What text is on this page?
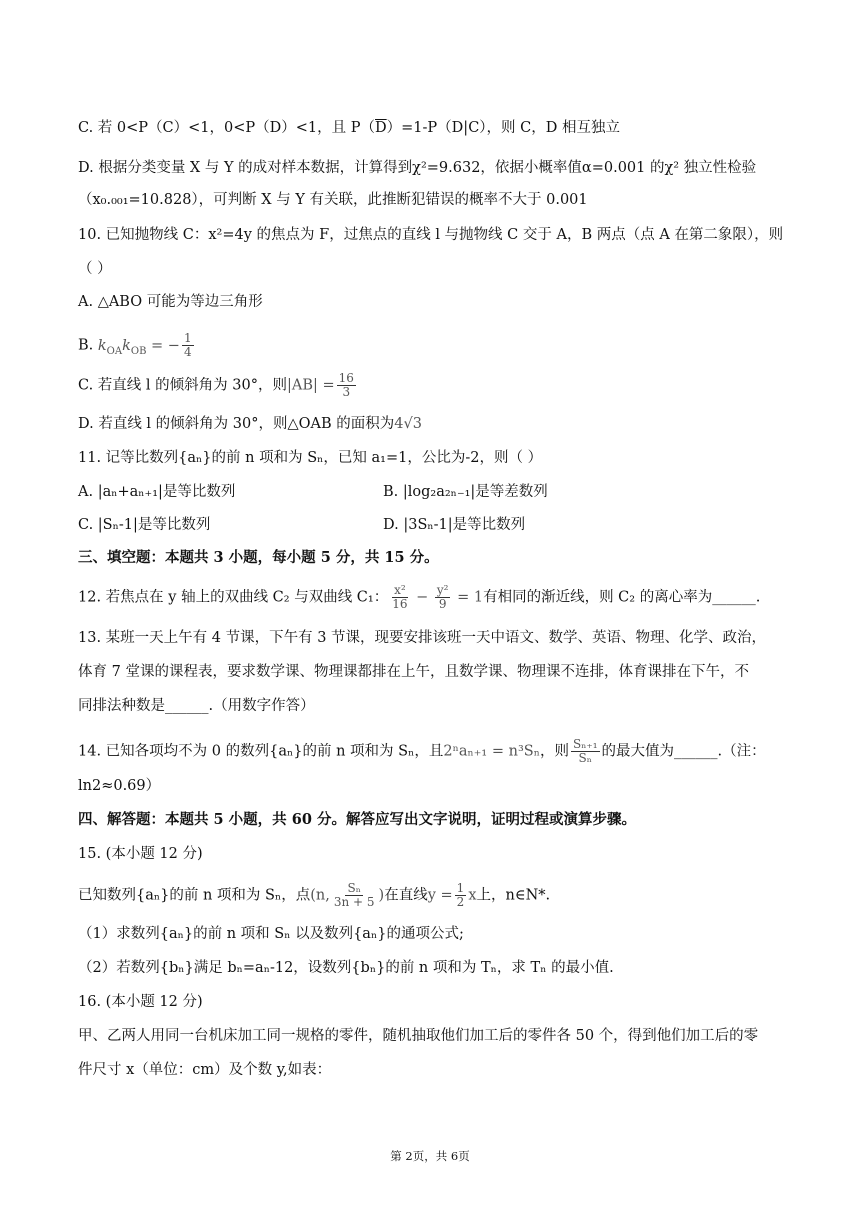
C. 若 0<P（C）<1，0<P（D）<1，且 $P(\overline{D})=1-P(D|C)$，则 C，D 相互独立
D. 根据分类变量 X 与 Y 的成对样本数据，计算得到χ²=9.632，依据小概率值α=0.001 的χ² 独立性检验
（x₀.₀₀₁=10.828），可判断 X 与 Y 有关联，此推断犯错误的概率不大于 0.001
10. 已知抛物线 C：x²=4y 的焦点为 F，过焦点的直线 l 与抛物线 C 交于 A，B 两点（点 A 在第二象限），则
（ ）
A. △ABO 可能为等边三角形
B. $k_{OA}k_{OB}$ = − $\frac{1}{4}$
C. 若直线 l 的倾斜角为 30°，则$|AB| = \frac{16}{3}$
D. 若直线 l 的倾斜角为 30°，则△OAB 的面积为4√3
11. 记等比数列{aₙ}的前 n 项和为 Sₙ，已知 a₁=1，公比为-2，则（ ）
A. |aₙ+aₙ₊₁|是等比数列	B. |log₂a₂ₙ₋₁|是等差数列
C. |Sₙ-1|是等比数列	D. |3Sₙ-1|是等比数列
三、填空题：本题共 3 小题，每小题 5 分，共 15 分。
12. 若焦点在 y 轴上的双曲线 C₂ 与双曲线 C₁： $\frac{\text{x²}}{16} - \frac{\text{y²}}{9} = 1$有相同的渐近线，则 C₂ 的离心率为______.
13. 某班一天上午有 4 节课，下午有 3 节课，现要安排该班一天中语文、数学、英语、物理、化学、政治，
体育 7 堂课的课程表，要求数学课、物理课都排在上午，且数学课、物理课不连排，体育课排在下午，不
同排法种数是______.（用数字作答）
14. 已知各项均不为 0 的数列{aₙ}的前 n 项和为 Sₙ，且2ⁿaₙ₊₁ = n³Sₙ，则 $\frac{\text{Sₙ₊₁}}{\text{Sₙ}}$ 的最大值为______.（注：
ln2≈0.69）
四、解答题：本题共 5 小题，共 60 分。解答应写出文字说明，证明过程或演算步骤。
15. (本小题 12 分)
已知数列{aₙ}的前 n 项和为 Sₙ，点(n, $\frac{\text{Sₙ}}{3n + 5}$ )在直线$y = \frac{1}{2}$ x上，n∈N*.
（1）求数列{aₙ}的前 n 项和 Sₙ 以及数列{aₙ}的通项公式;
（2）若数列{bₙ}满足 bₙ=aₙ-12，设数列{bₙ}的前 n 项和为 Tₙ，求 Tₙ 的最小值.
16. (本小题 12 分)
甲、乙两人用同一台机床加工同一规格的零件，随机抽取他们加工后的零件各 50 个，得到他们加工后的零
件尺寸 x（单位：cm）及个数 y,如表：
第 2页，共 6页
